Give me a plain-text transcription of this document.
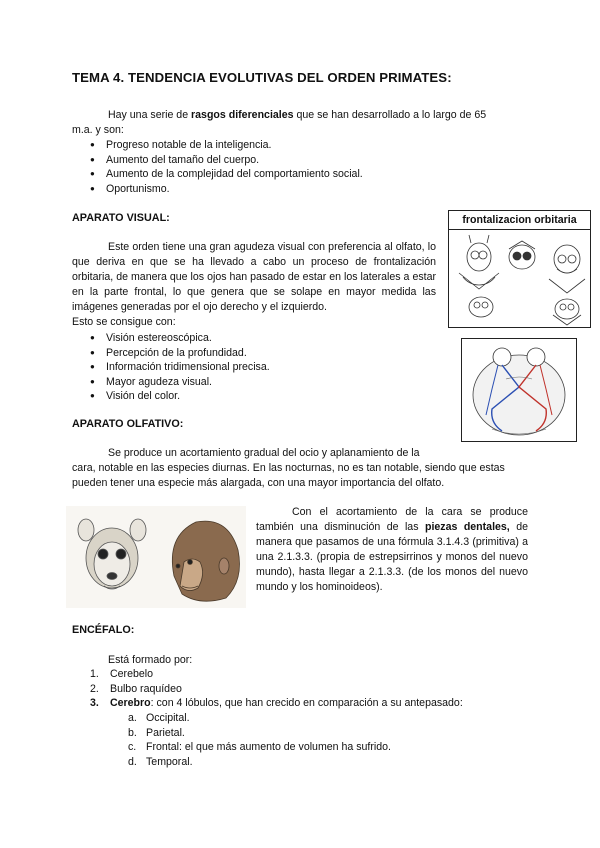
TEMA 4. TENDENCIA EVOLUTIVAS DEL ORDEN PRIMATES:
Hay una serie de rasgos diferenciales que se han desarrollado a lo largo de 65
m.a. y son:
● Progreso notable de la inteligencia.
● Aumento del tamaño del cuerpo.
● Aumento de la complejidad del comportamiento social.
● Oportunismo.
APARATO VISUAL:
Este orden tiene una gran agudeza visual con preferencia al olfato, lo que deriva en que se ha llevado a cabo un proceso de frontalización orbitaria, de manera que los ojos han pasado de estar en los laterales a estar en la parte frontal, lo que genera que se solape en mayor medida las imágenes generadas por el ojo derecho y el izquierdo.
Esto se consigue con:
● Visión estereoscópica.
● Percepción de la profundidad.
● Información tridimensional precisa.
● Mayor agudeza visual.
● Visión del color.
frontalizacion orbitaria
APARATO OLFATIVO:
Se produce un acortamiento gradual del ocio y aplanamiento de la
cara, notable en las especies diurnas. En las nocturnas, no es tan notable, siendo que estas
pueden tener una especie más alargada, con una mayor importancia del olfato.
Con el acortamiento de la cara se produce también una disminución de las piezas dentales, de manera que pasamos de una fórmula 3.1.4.3 (primitiva) a una 2.1.3.3. (propia de estrepsirrinos y monos del nuevo mundo), hasta llegar a 2.1.3.3. (de los monos del nuevo mundo y los hominoideos).
ENCÉFALO:
Está formado por:
1. Cerebelo
2. Bulbo raquídeo
3. Cerebro: con 4 lóbulos, que han crecido en comparación a su antepasado:
a. Occipital.
b. Parietal.
c. Frontal: el que más aumento de volumen ha sufrido.
d. Temporal.
